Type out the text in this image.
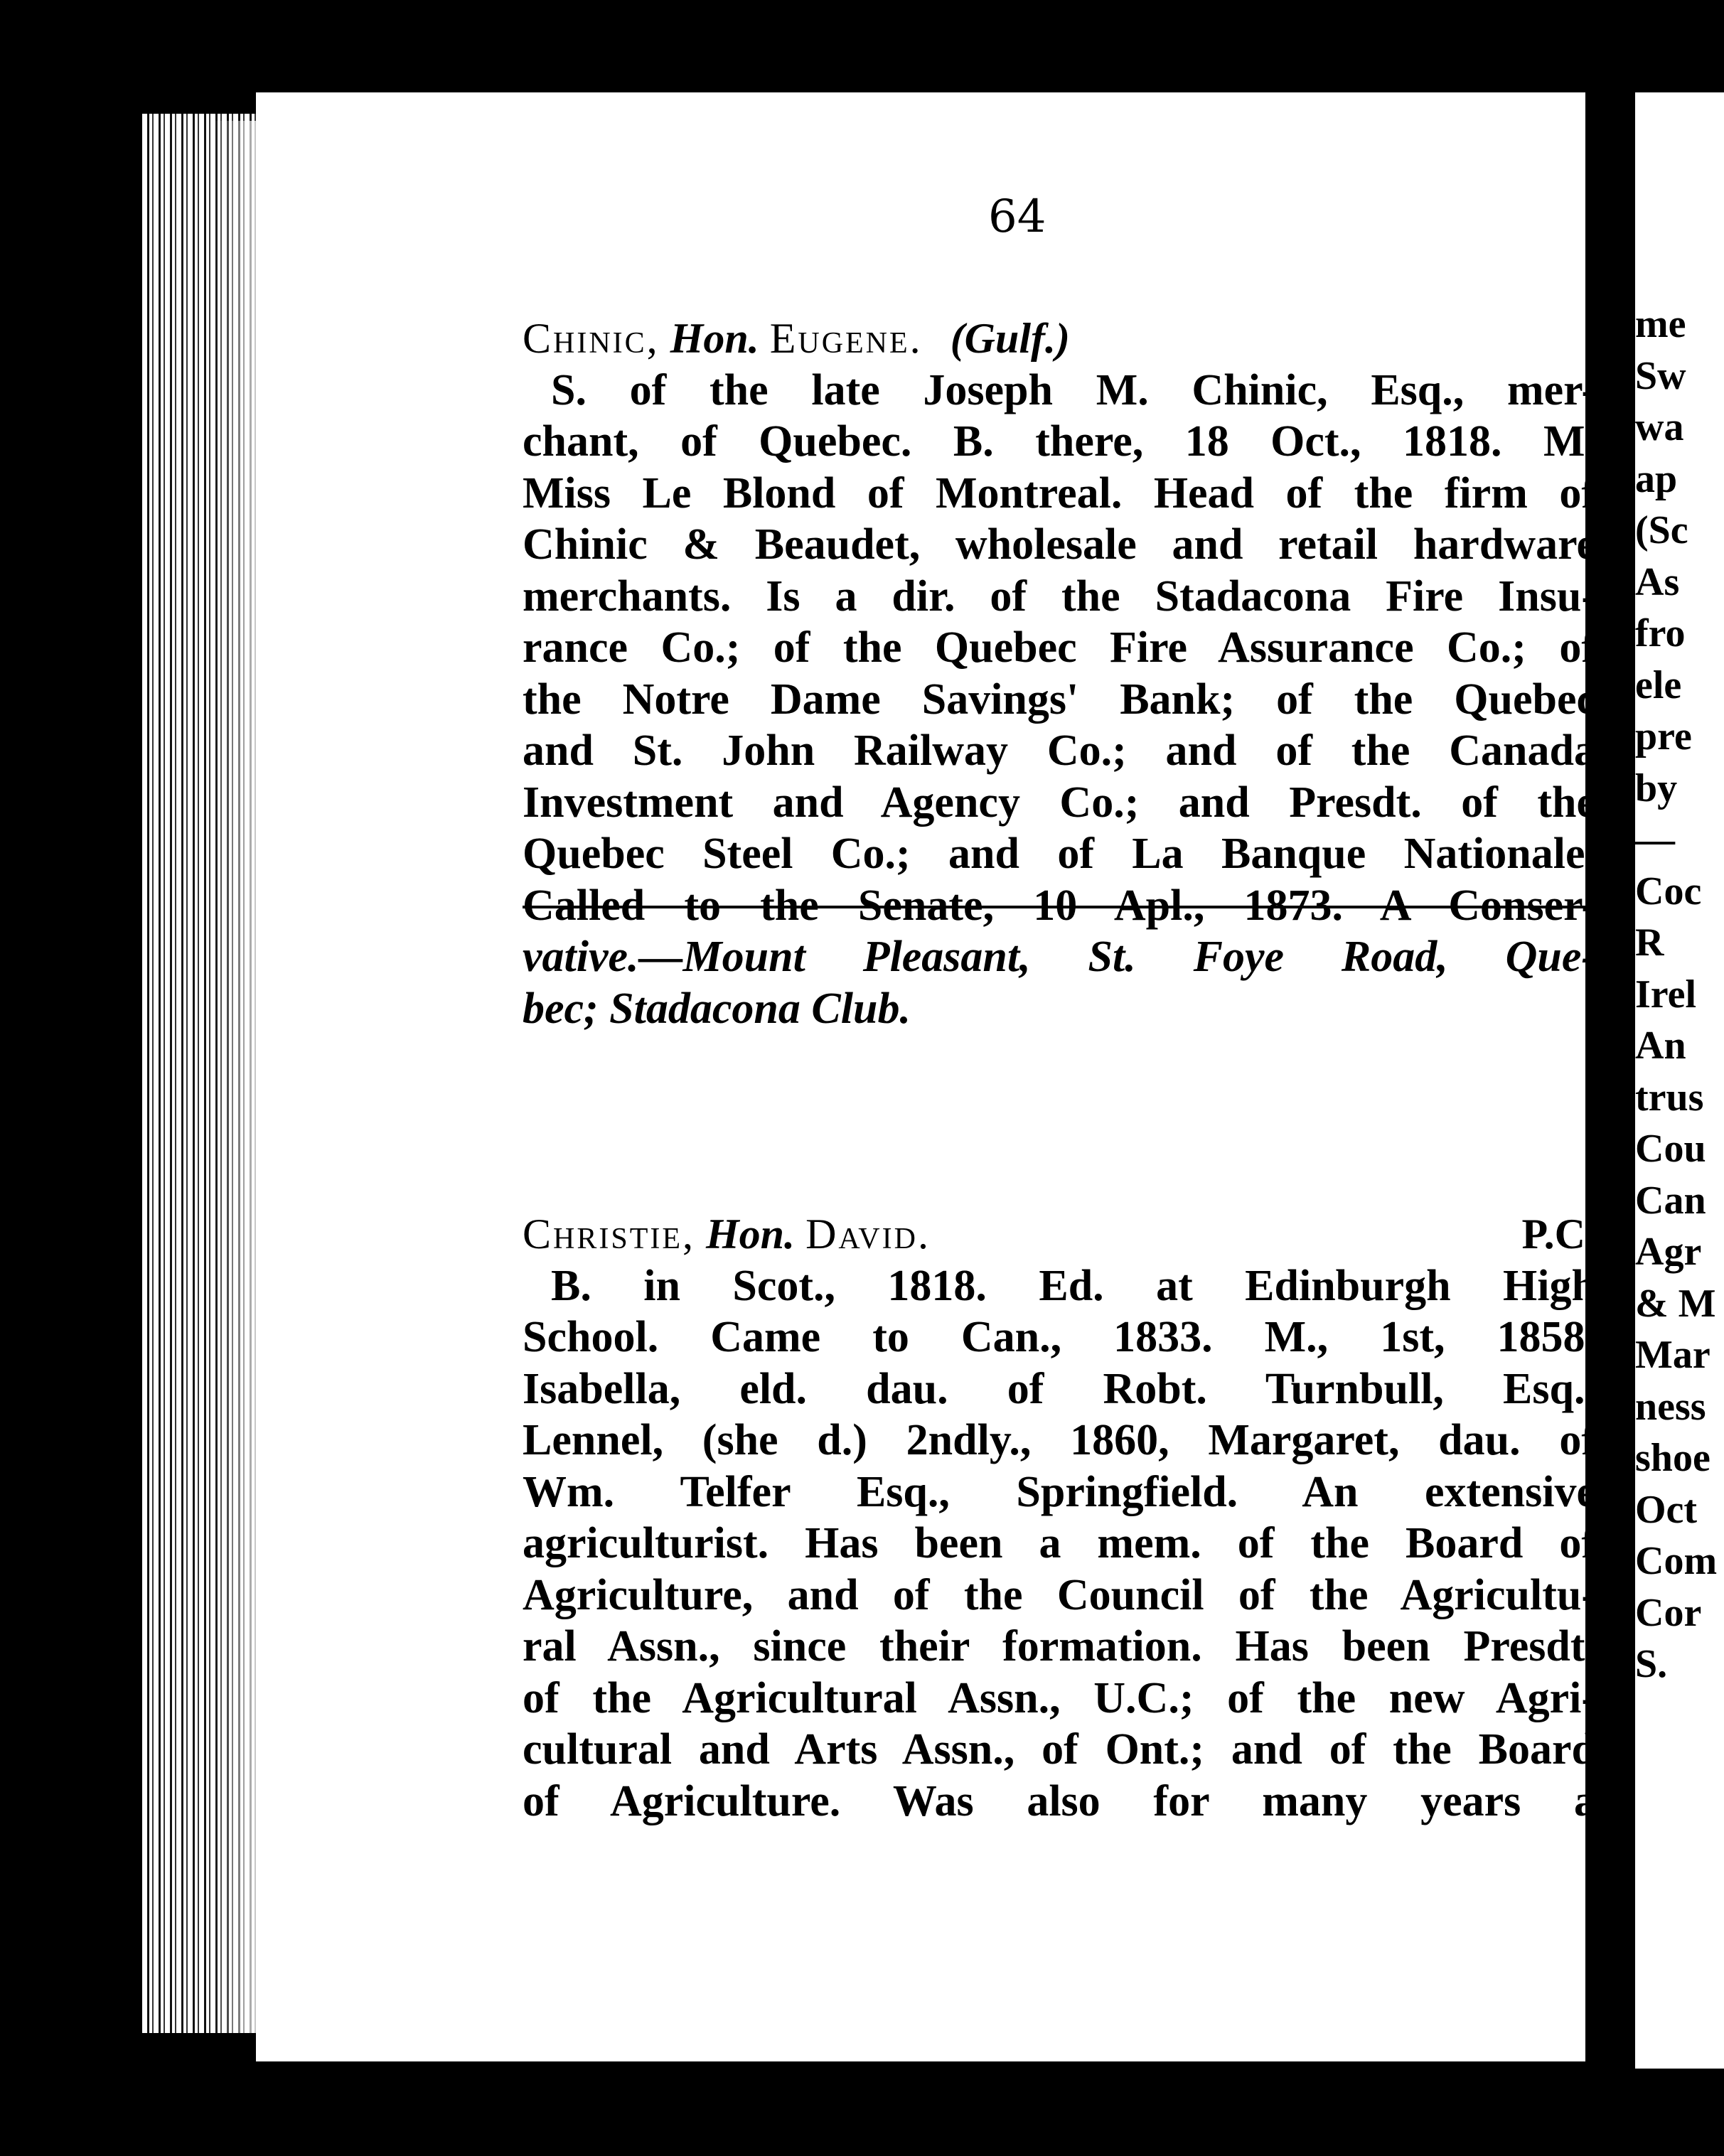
64
Chinic, Hon. Eugene. (Gulf.)
S. of the late Joseph M. Chinic, Esq., mer-
chant, of Quebec. B. there, 18 Oct., 1818. M.
Miss Le Blond of Montreal. Head of the firm of
Chinic & Beaudet, wholesale and retail hardware
merchants. Is a dir. of the Stadacona Fire Insu-
rance Co.; of the Quebec Fire Assurance Co.; of
the Notre Dame Savings' Bank; of the Quebec
and St. John Railway Co.; and of the Canada
Investment and Agency Co.; and Presdt. of the
Quebec Steel Co.; and of La Banque Nationale.
Called to the Senate, 10 Apl., 1873. A Conser-
vative.—Mount Pleasant, St. Foye Road, Que-
bec; Stadacona Club.
Christie, Hon. David.	P.C.
B. in Scot., 1818. Ed. at Edinburgh High
School. Came to Can., 1833. M., 1st, 1858,
Isabella, eld. dau. of Robt. Turnbull, Esq.,
Lennel, (she d.) 2ndly., 1860, Margaret, dau. of
Wm. Telfer Esq., Springfield. An extensive
agriculturist. Has been a mem. of the Board of
Agriculture, and of the Council of the Agricultu-
ral Assn., since their formation. Has been Presdt.
of the Agricultural Assn., U.C.; of the new Agri-
cultural and Arts Assn., of Ont.; and of the Board
of Agriculture. Was also for many years a
me
Sw
wa
ap
(Sc
As
fro
ele
pre
by
—
Coc
R
Irel
An
trus
Cou
Can
Agr
& M
Mar
ness
shoe
Oct
Com
Cor
S.
